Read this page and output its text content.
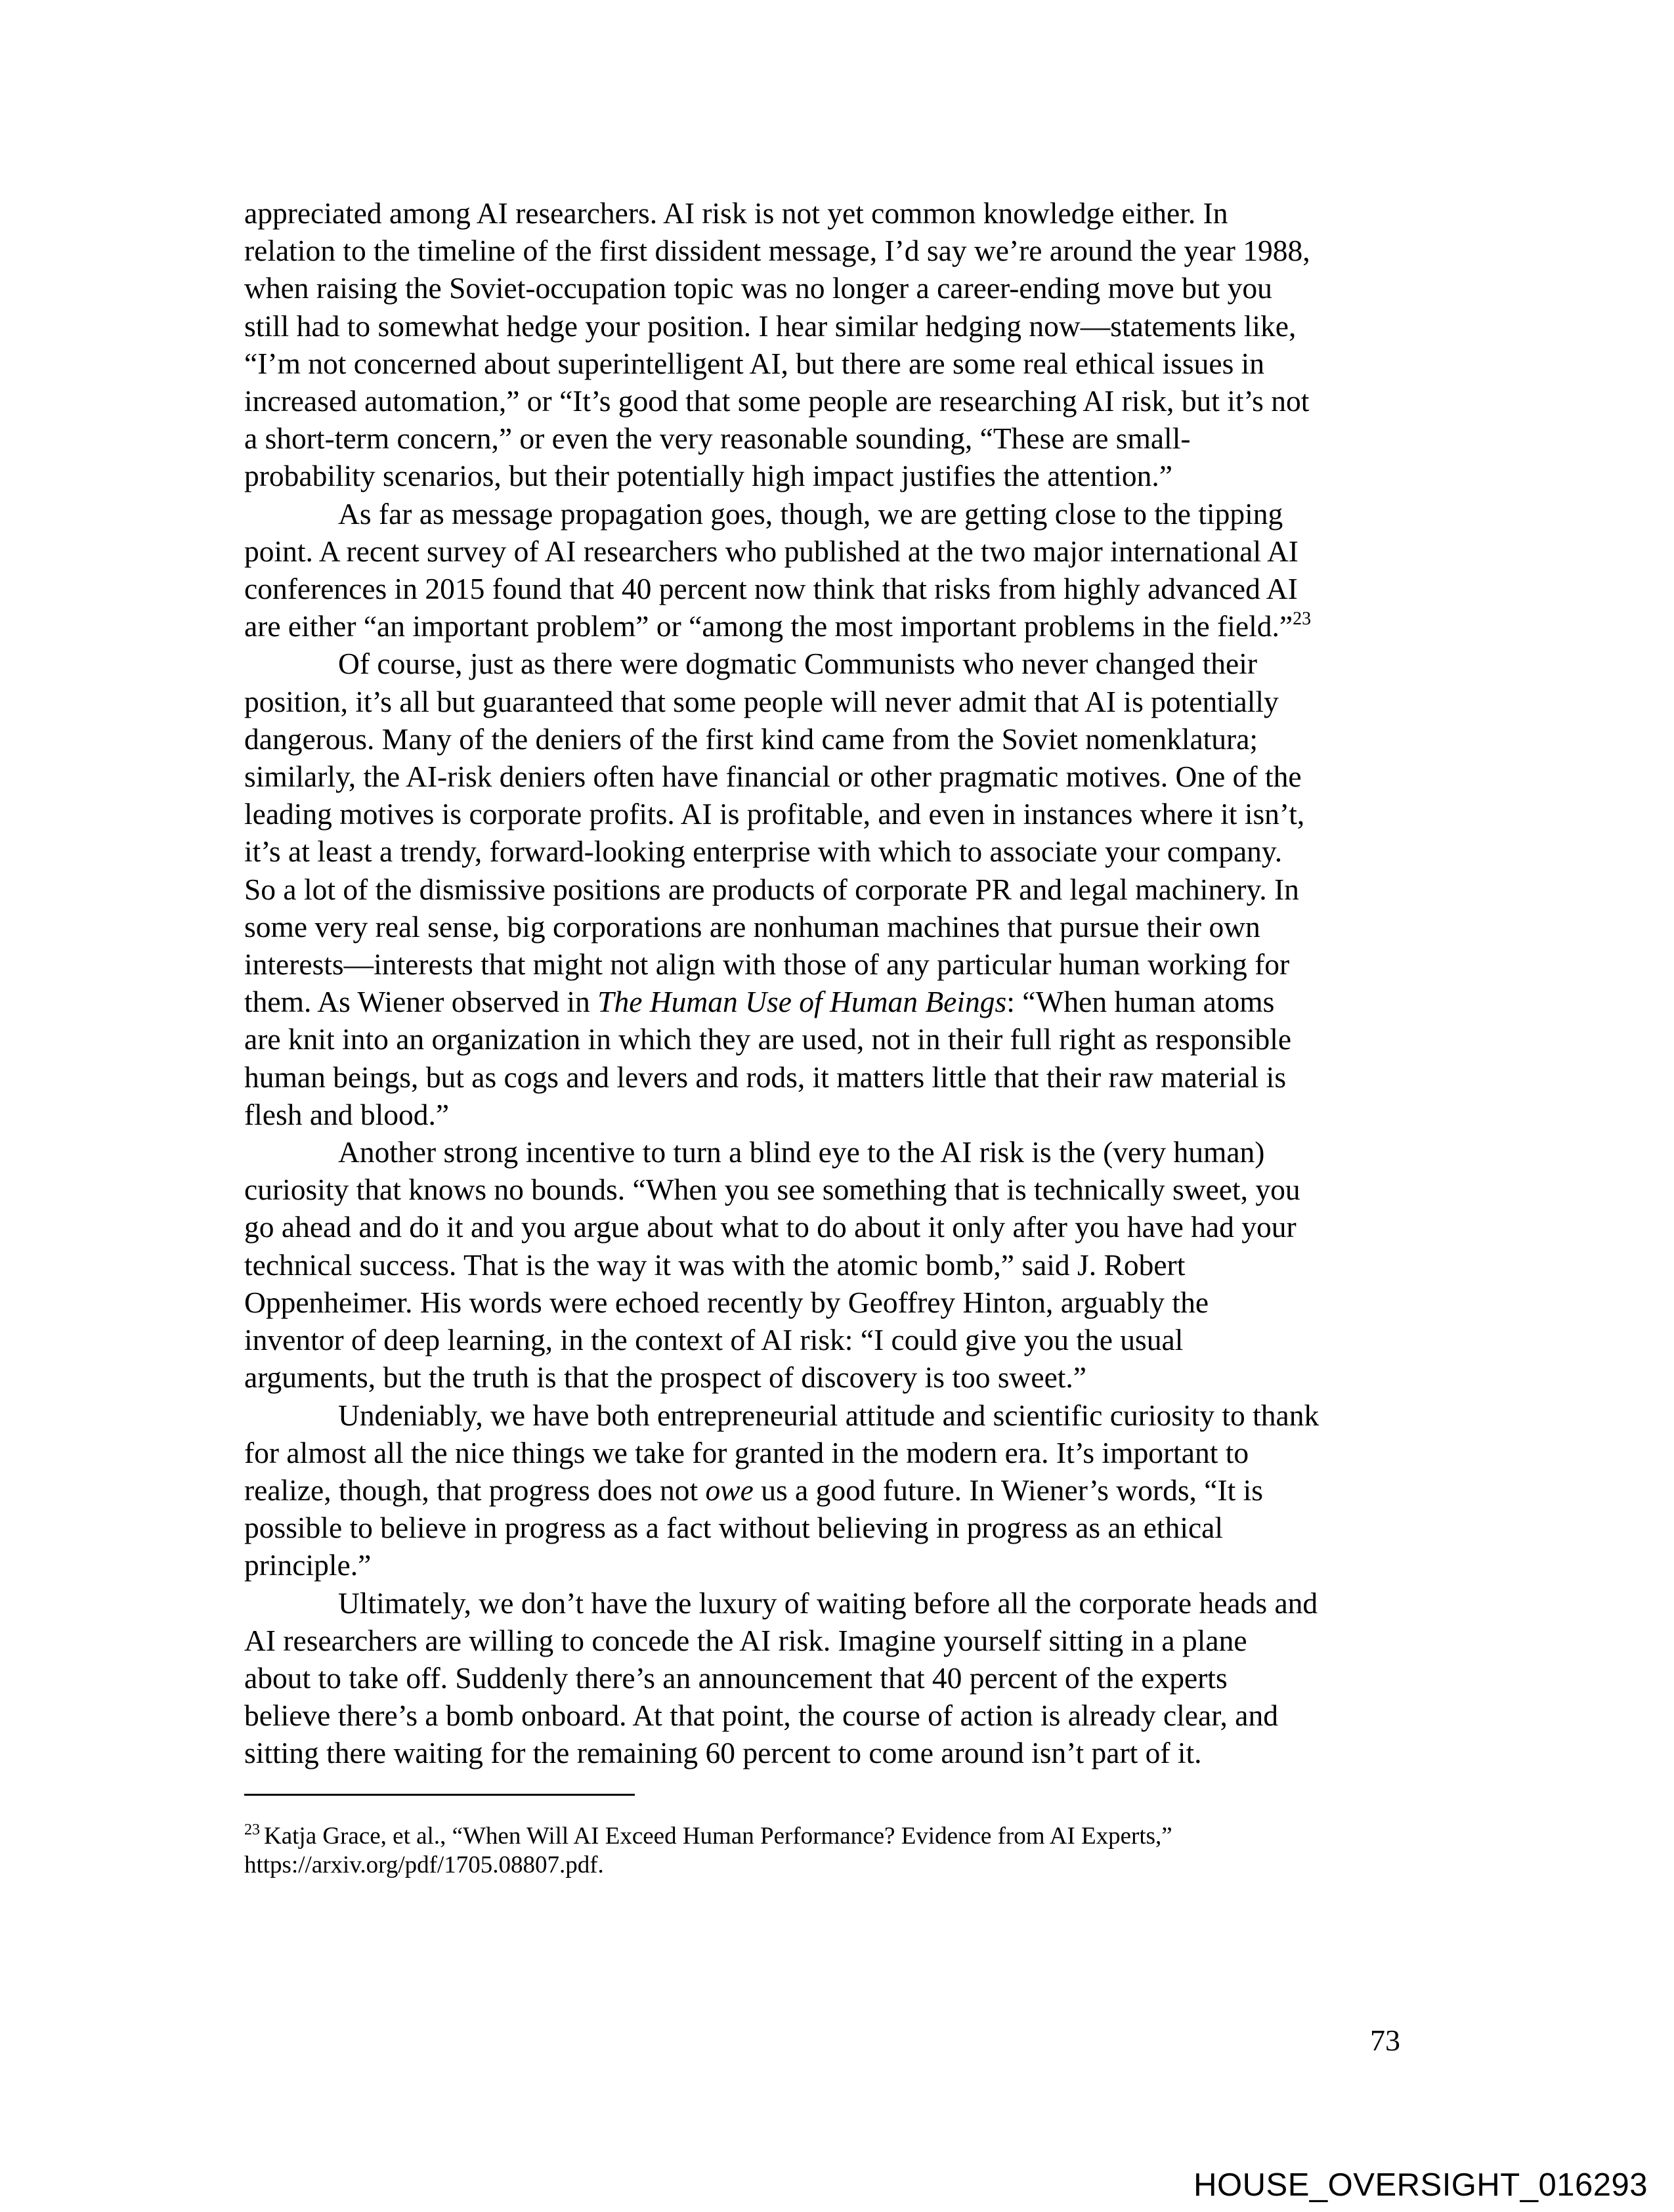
appreciated among AI researchers. AI risk is not yet common knowledge either. In
relation to the timeline of the first dissident message, I’d say we’re around the year 1988,
when raising the Soviet-occupation topic was no longer a career-ending move but you
still had to somewhat hedge your position. I hear similar hedging now—statements like,
“I’m not concerned about superintelligent AI, but there are some real ethical issues in
increased automation,” or “It’s good that some people are researching AI risk, but it’s not
a short-term concern,” or even the very reasonable sounding, “These are small-
probability scenarios, but their potentially high impact justifies the attention.”

As far as message propagation goes, though, we are getting close to the tipping
point. A recent survey of AI researchers who published at the two major international AI
conferences in 2015 found that 40 percent now think that risks from highly advanced AI
are either “an important problem” or “among the most important problems in the field.”$^{23}$

Of course, just as there were dogmatic Communists who never changed their
position, it’s all but guaranteed that some people will never admit that AI is potentially
dangerous. Many of the deniers of the first kind came from the Soviet nomenklatura;
similarly, the AI-risk deniers often have financial or other pragmatic motives. One of the
leading motives is corporate profits. AI is profitable, and even in instances where it isn’t,
it’s at least a trendy, forward-looking enterprise with which to associate your company.
So a lot of the dismissive positions are products of corporate PR and legal machinery. In
some very real sense, big corporations are nonhuman machines that pursue their own
interests—interests that might not align with those of any particular human working for
them. As Wiener observed in The Human Use of Human Beings: “When human atoms
are knit into an organization in which they are used, not in their full right as responsible
human beings, but as cogs and levers and rods, it matters little that their raw material is
flesh and blood.”

Another strong incentive to turn a blind eye to the AI risk is the (very human)
curiosity that knows no bounds. “When you see something that is technically sweet, you
go ahead and do it and you argue about what to do about it only after you have had your
technical success. That is the way it was with the atomic bomb,” said J. Robert
Oppenheimer. His words were echoed recently by Geoffrey Hinton, arguably the
inventor of deep learning, in the context of AI risk: “I could give you the usual
arguments, but the truth is that the prospect of discovery is too sweet.”

Undeniably, we have both entrepreneurial attitude and scientific curiosity to thank
for almost all the nice things we take for granted in the modern era. It’s important to
realize, though, that progress does not owe us a good future. In Wiener’s words, “It is
possible to believe in progress as a fact without believing in progress as an ethical
principle.”

Ultimately, we don’t have the luxury of waiting before all the corporate heads and
AI researchers are willing to concede the AI risk. Imagine yourself sitting in a plane
about to take off. Suddenly there’s an announcement that 40 percent of the experts
believe there’s a bomb onboard. At that point, the course of action is already clear, and
sitting there waiting for the remaining 60 percent to come around isn’t part of it.

$^{23}$ Katja Grace, et al., “When Will AI Exceed Human Performance? Evidence from AI Experts,”
https://arxiv.org/pdf/1705.08807.pdf.
73
HOUSE_OVERSIGHT_016293
